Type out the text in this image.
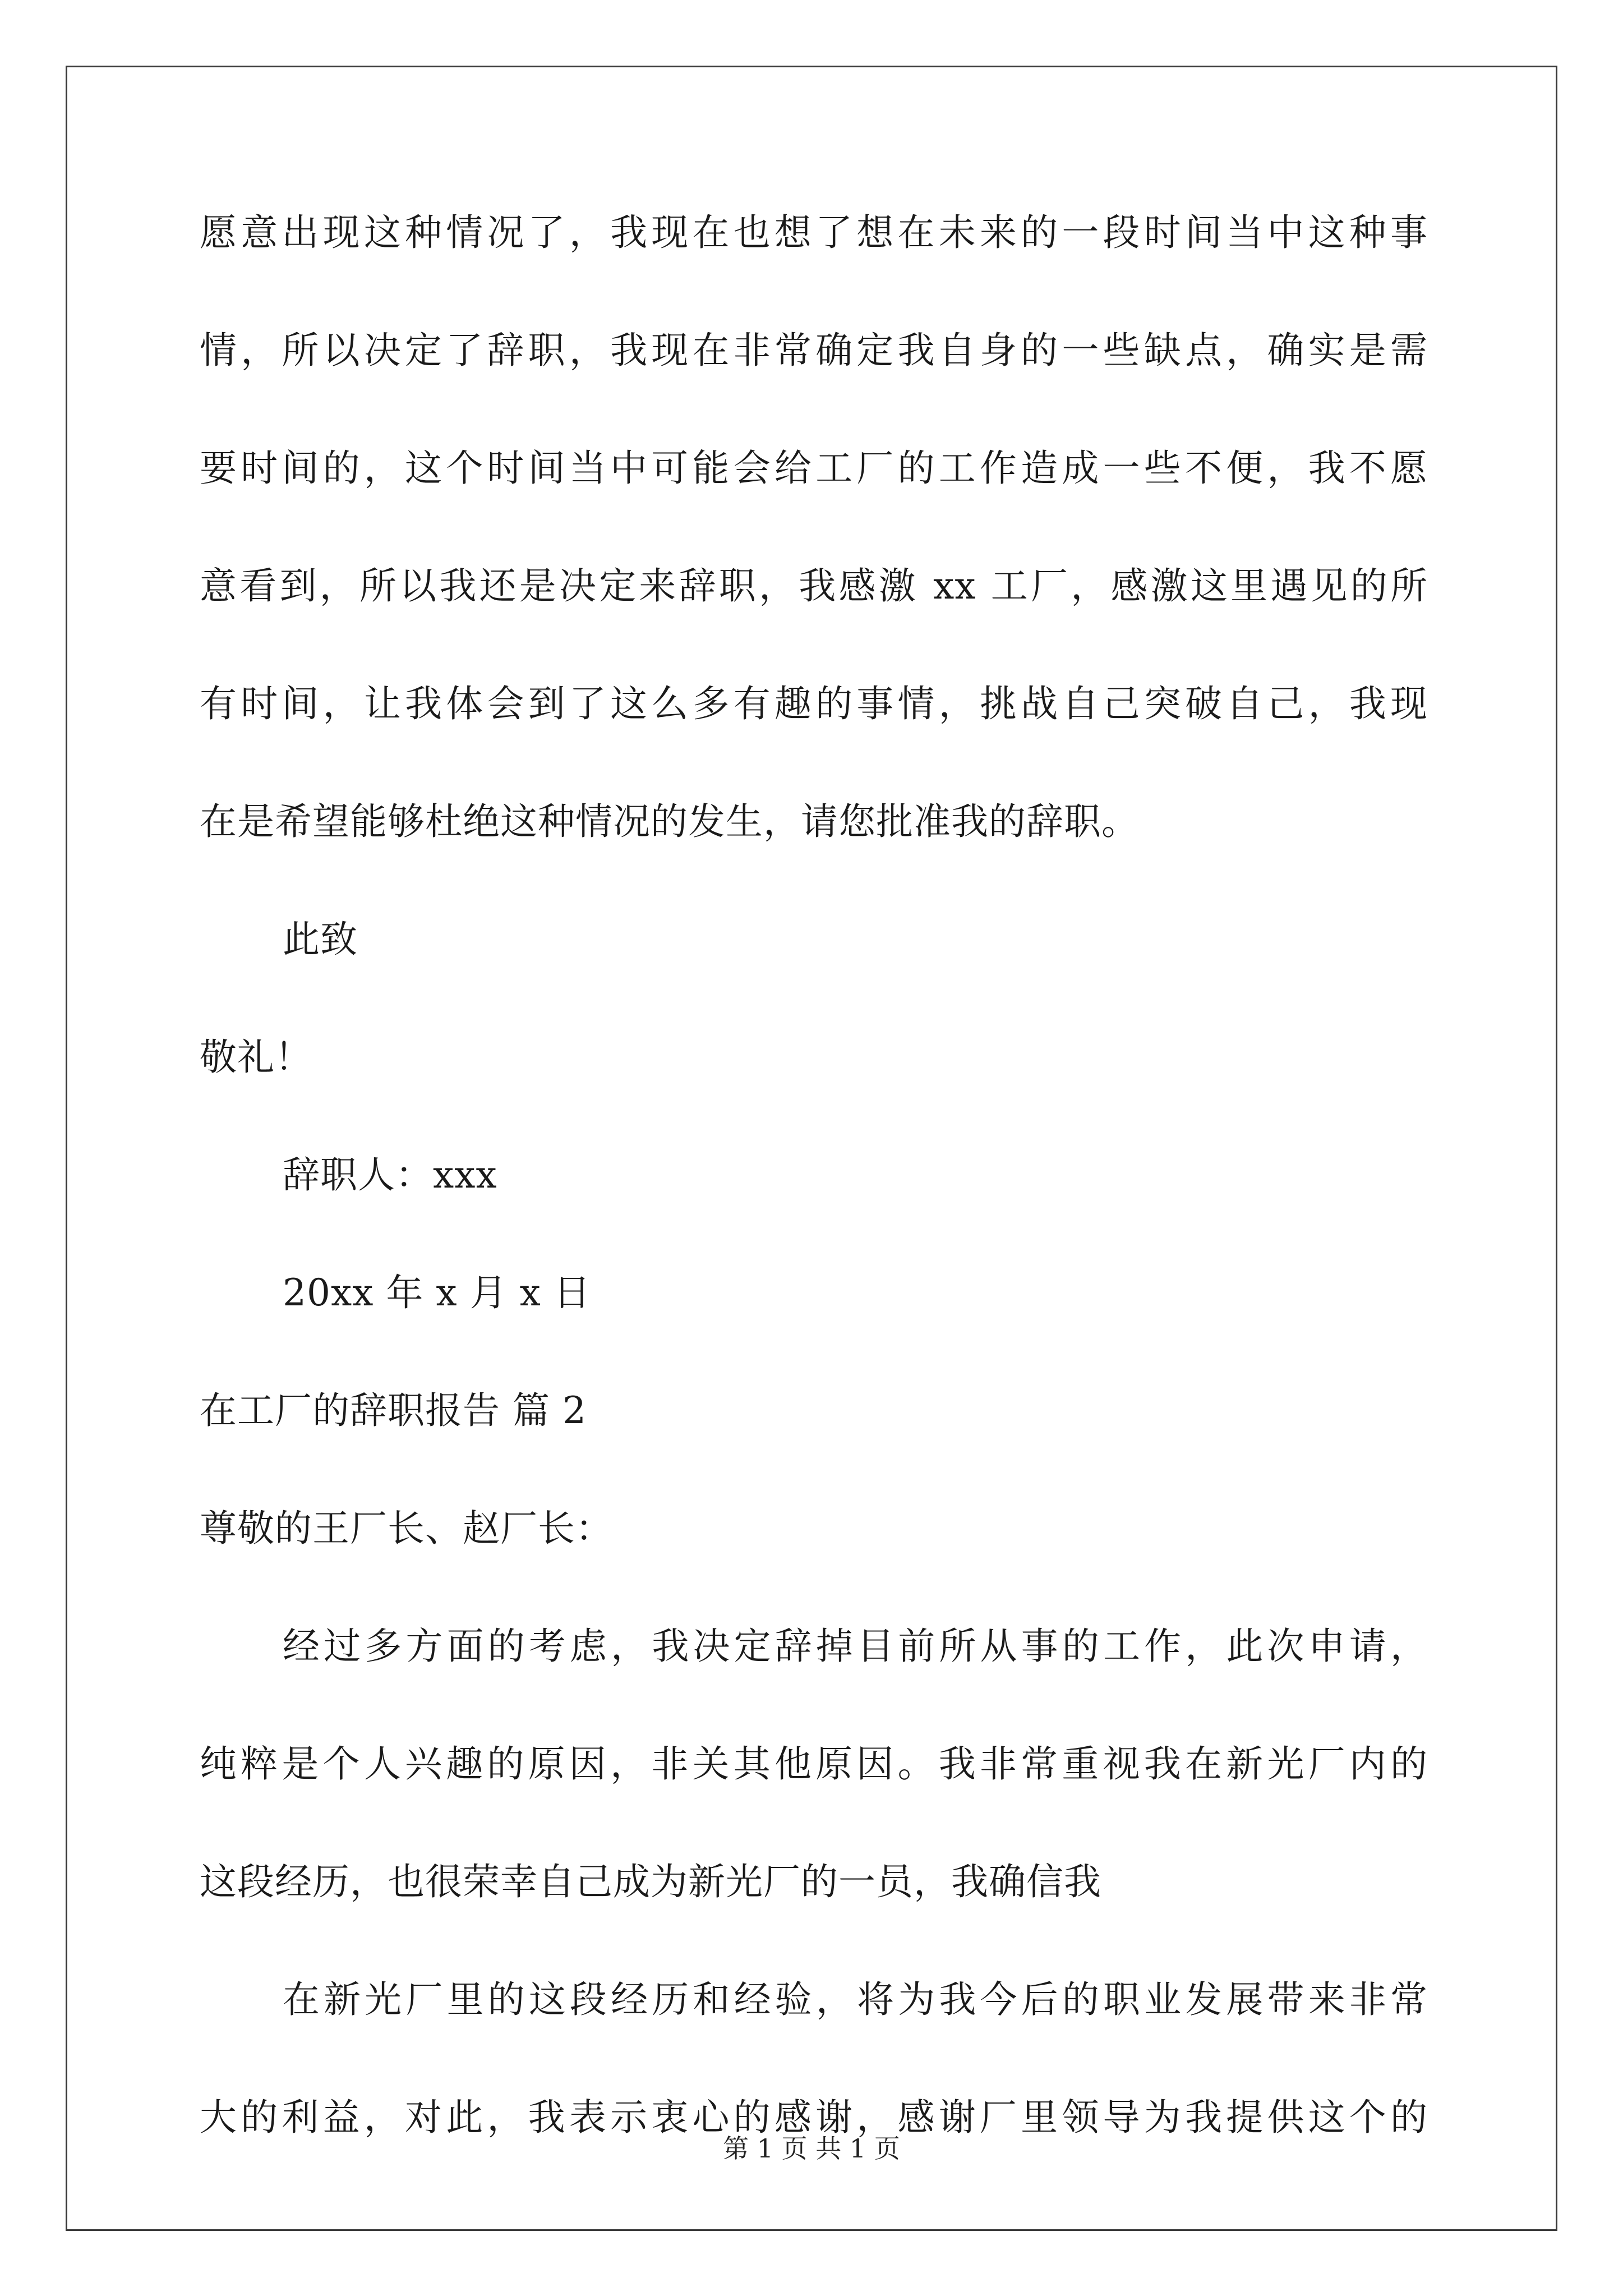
愿意出现这种情况了，我现在也想了想在未来的一段时间当中这种事
情，所以决定了辞职，我现在非常确定我自身的一些缺点，确实是需
要时间的，这个时间当中可能会给工厂的工作造成一些不便，我不愿
意看到，所以我还是决定来辞职，我感激 xx 工厂，感激这里遇见的所
有时间，让我体会到了这么多有趣的事情，挑战自己突破自己，我现
在是希望能够杜绝这种情况的发生，请您批准我的辞职。
此致
敬礼！
辞职人：xxx
20xx 年 x 月 x 日
在工厂的辞职报告 篇 2
尊敬的王厂长、赵厂长：
经过多方面的考虑，我决定辞掉目前所从事的工作，此次申请，
纯粹是个人兴趣的原因，非关其他原因。我非常重视我在新光厂内的
这段经历，也很荣幸自己成为新光厂的一员，我确信我
在新光厂里的这段经历和经验，将为我今后的职业发展带来非常
大的利益，对此，我表示衷心的感谢，感谢厂里领导为我提供这个的
第 1 页 共 1 页
